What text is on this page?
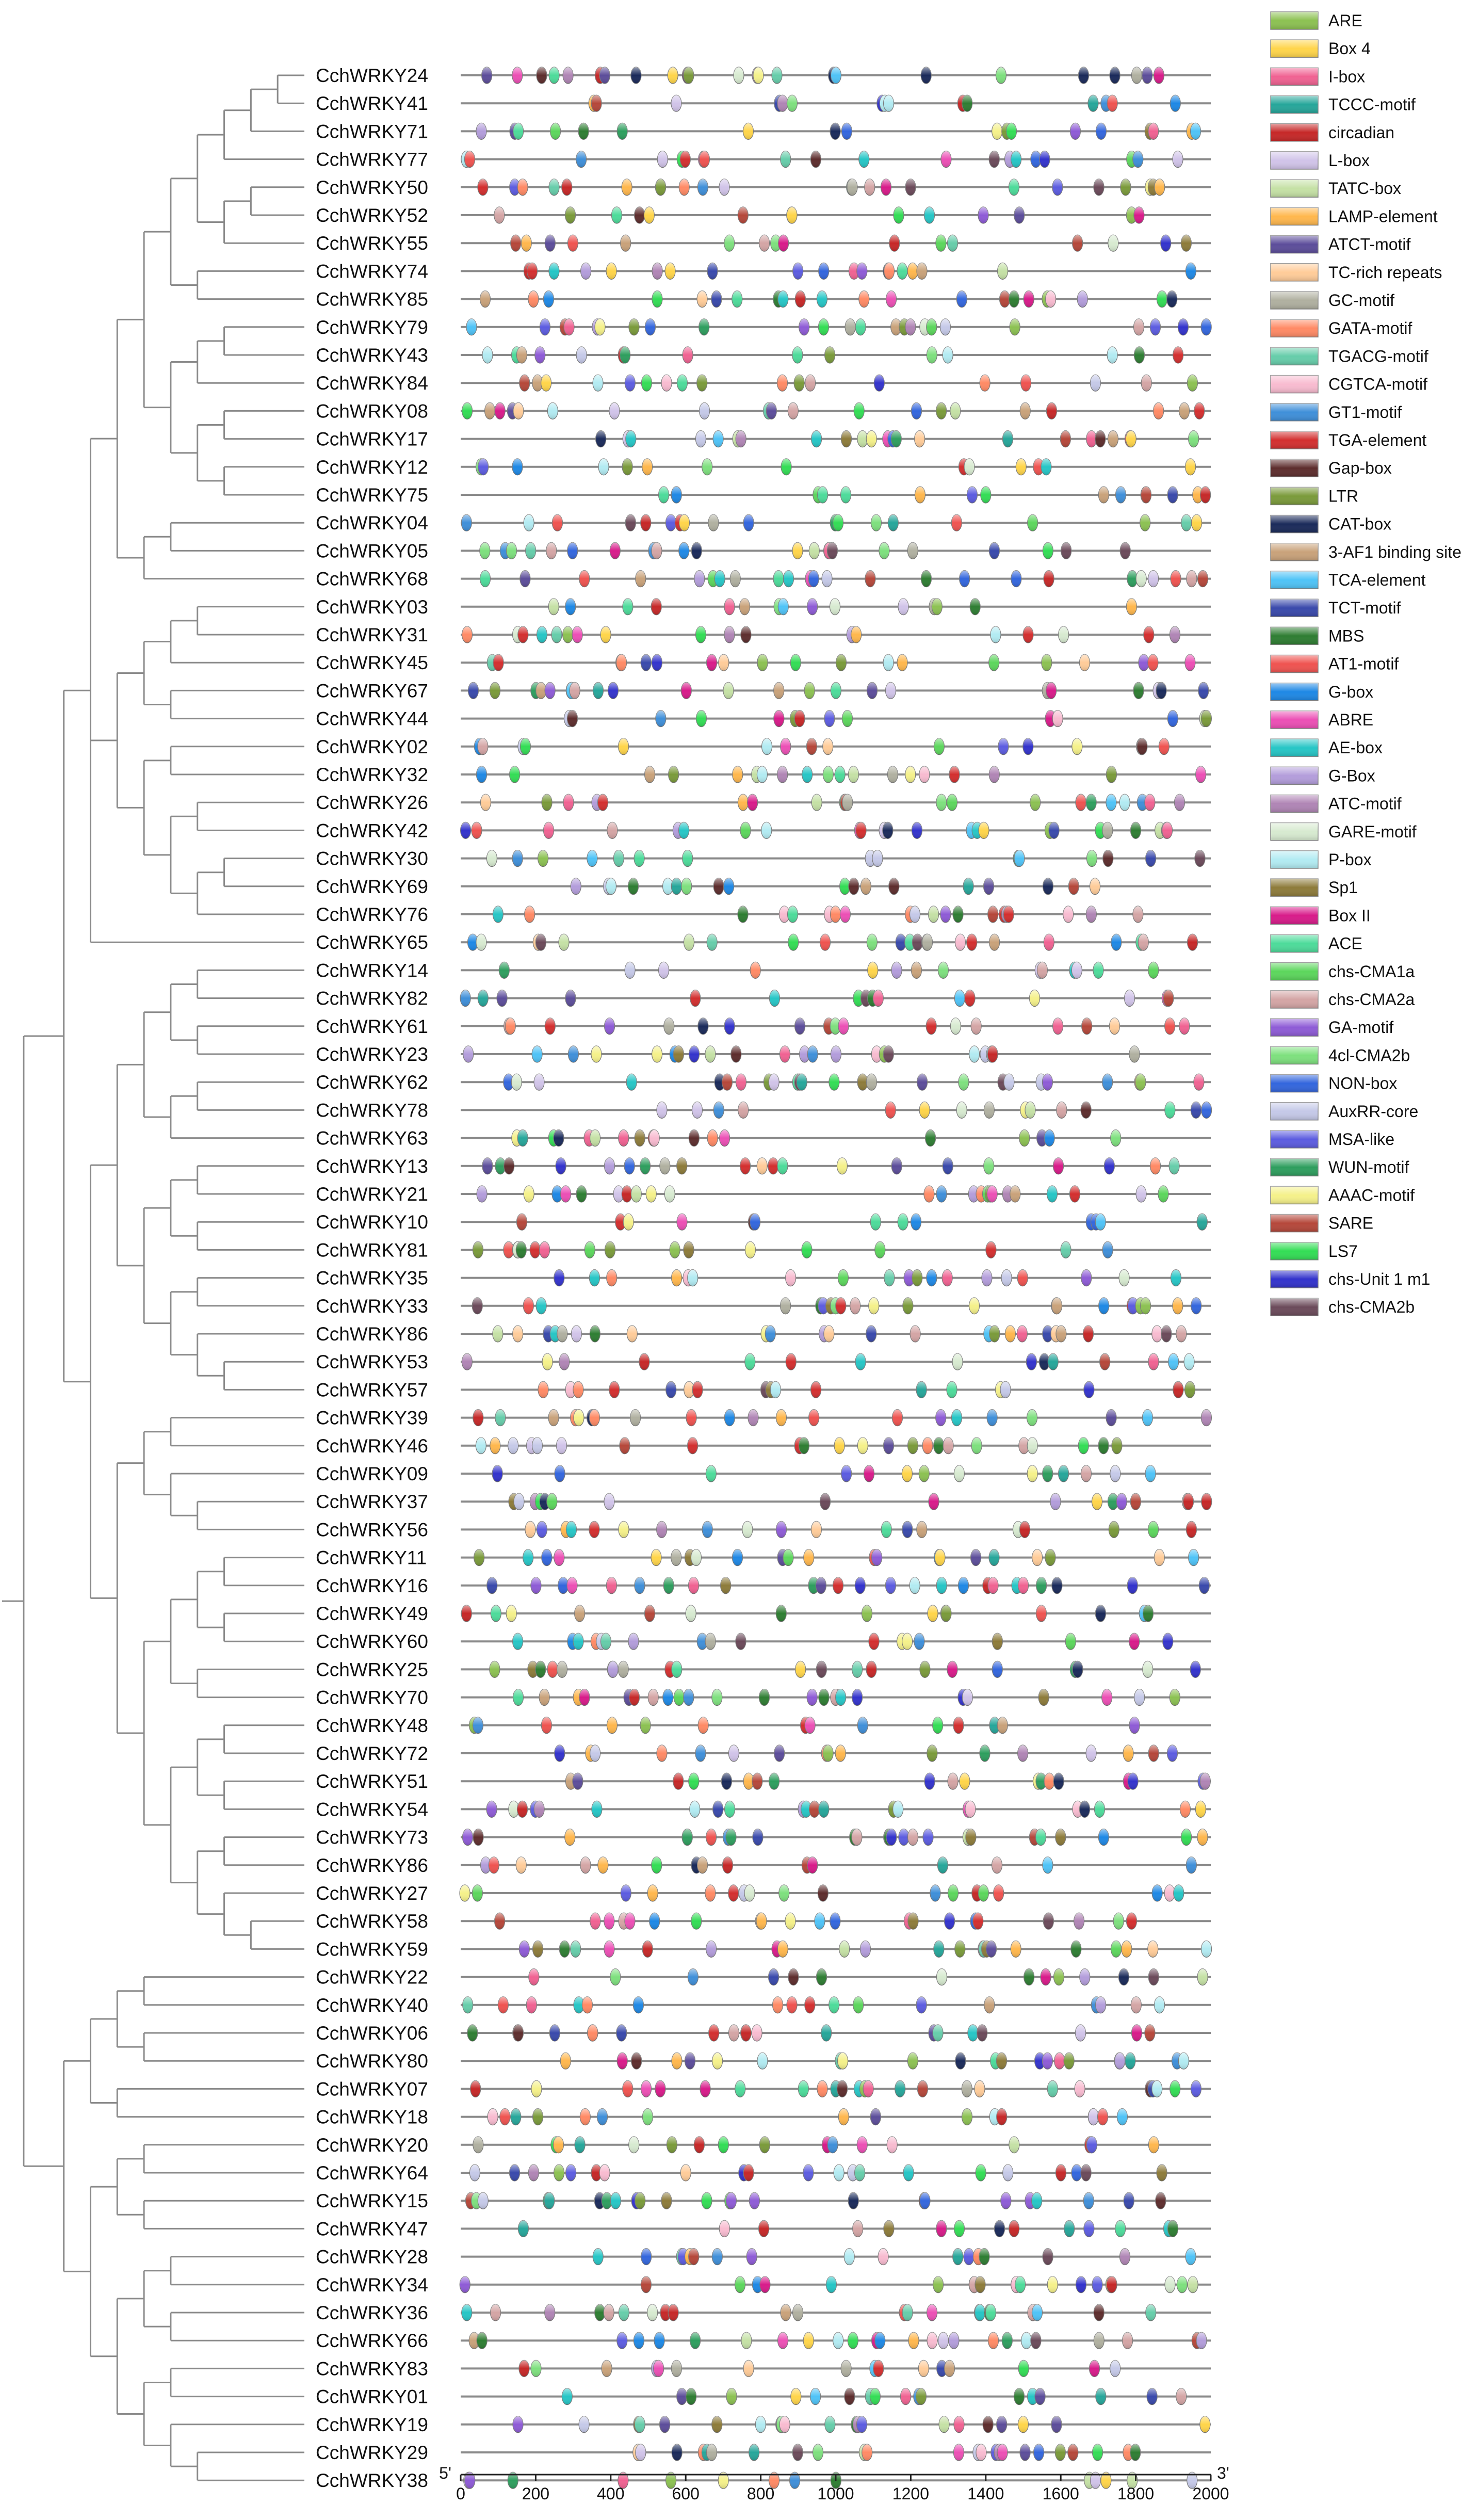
CchWRKY24
CchWRKY41
CchWRKY71
CchWRKY77
CchWRKY50
CchWRKY52
CchWRKY55
CchWRKY74
CchWRKY85
CchWRKY79
CchWRKY43
CchWRKY84
CchWRKY08
CchWRKY17
CchWRKY12
CchWRKY75
CchWRKY04
CchWRKY05
CchWRKY68
CchWRKY03
CchWRKY31
CchWRKY45
CchWRKY67
CchWRKY44
CchWRKY02
CchWRKY32
CchWRKY26
CchWRKY42
CchWRKY30
CchWRKY69
CchWRKY76
CchWRKY65
CchWRKY14
CchWRKY82
CchWRKY61
CchWRKY23
CchWRKY62
CchWRKY78
CchWRKY63
CchWRKY13
CchWRKY21
CchWRKY10
CchWRKY81
CchWRKY35
CchWRKY33
CchWRKY86
CchWRKY53
CchWRKY57
CchWRKY39
CchWRKY46
CchWRKY09
CchWRKY37
CchWRKY56
CchWRKY11
CchWRKY16
CchWRKY49
CchWRKY60
CchWRKY25
CchWRKY70
CchWRKY48
CchWRKY72
CchWRKY51
CchWRKY54
CchWRKY73
CchWRKY86
CchWRKY27
CchWRKY58
CchWRKY59
CchWRKY22
CchWRKY40
CchWRKY06
CchWRKY80
CchWRKY07
CchWRKY18
CchWRKY20
CchWRKY64
CchWRKY15
CchWRKY47
CchWRKY28
CchWRKY34
CchWRKY36
CchWRKY66
CchWRKY83
CchWRKY01
CchWRKY19
CchWRKY29
CchWRKY38
0	200	400	600	800	1000 1200 1400 1600 1800 2000
5'	3'
ARE
Box 4
I-box
TCCC-motif
circadian
L-box
TATC-box
LAMP-element
ATCT-motif
TC-rich repeats
GC-motif
GATA-motif
TGACG-motif
CGTCA-motif
GT1-motif
TGA-element
Gap-box
LTR
CAT-box
3-AF1 binding site
TCA-element
TCT-motif
MBS
AT1-motif
G-box
ABRE
AE-box
G-Box
ATC-motif
GARE-motif
P-box
Sp1
Box II
ACE
chs-CMA1a
chs-CMA2a
GA-motif
4cl-CMA2b
NON-box
AuxRR-core
MSA-like
WUN-motif
AAAC-motif
SARE
LS7
chs-Unit 1 m1
chs-CMA2b
